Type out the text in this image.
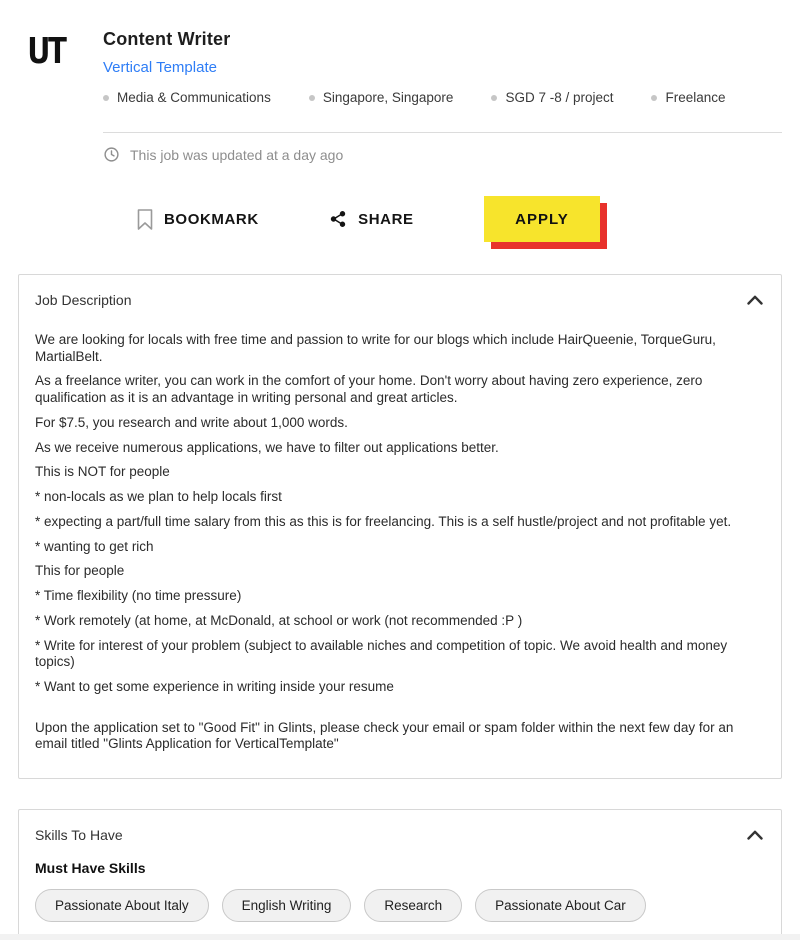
UT	Content Writer
Vertical Template
Media & Communications	Singapore, Singapore	SGD 7 -8 / project	Freelance
This job was updated at a day ago
BOOKMARK	SHARE	APPLY
Job Description

We are looking for locals with free time and passion to write for our blogs which include HairQueenie, TorqueGuru, MartialBelt.

As a freelance writer, you can work in the comfort of your home. Don't worry about having zero experience, zero qualification as it is an advantage in writing personal and great articles.

For $7.5, you research and write about 1,000 words.

As we receive numerous applications, we have to filter out applications better.

This is NOT for people

* non-locals as we plan to help locals first

* expecting a part/full time salary from this as this is for freelancing. This is a self hustle/project and not profitable yet.

* wanting to get rich

This for people

* Time flexibility (no time pressure)

* Work remotely (at home, at McDonald, at school or work (not recommended :P )

* Write for interest of your problem (subject to available niches and competition of topic. We avoid health and money topics)

* Want to get some experience in writing inside your resume

Upon the application set to "Good Fit" in Glints, please check your email or spam folder within the next few day for an email titled "Glints Application for VerticalTemplate"

Skills To Have
Must Have Skills
Passionate About Italy	English Writing	Research	Passionate About Car
